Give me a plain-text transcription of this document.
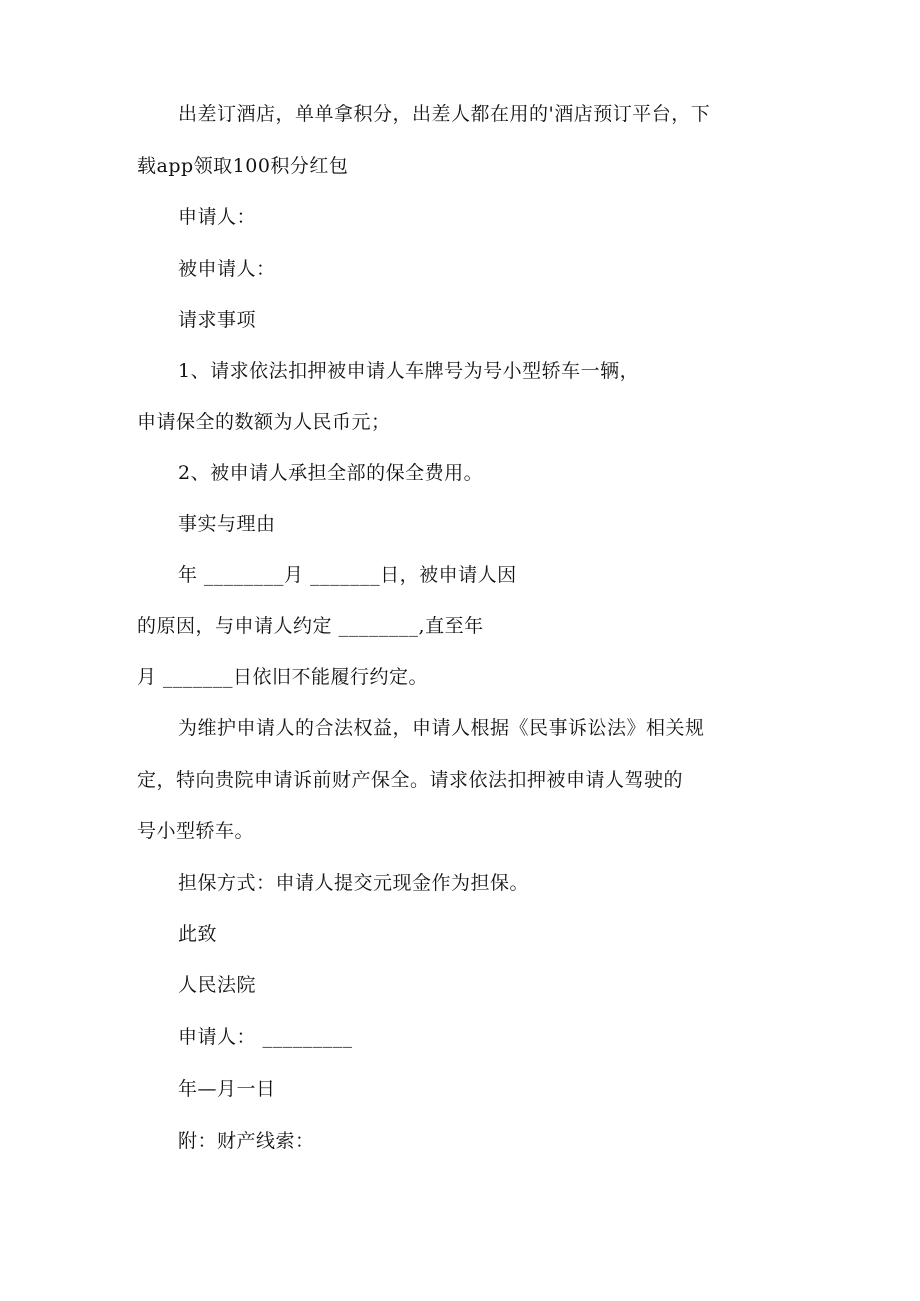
出差订酒店，单单拿积分，出差人都在用的'酒店预订平台，下
载app领取100积分红包
申请人：
被申请人：
请求事项
1、请求依法扣押被申请人车牌号为号小型轿车一辆，
申请保全的数额为人民币元；
2、被申请人承担全部的保全费用。
事实与理由
年 ________月 _______日，被申请人因
的原因，与申请人约定 ________,直至年
月 _______日依旧不能履行约定。
为维护申请人的合法权益，申请人根据《民事诉讼法》相关规
定，特向贵院申请诉前财产保全。请求依法扣押被申请人驾驶的
号小型轿车。
担保方式：申请人提交元现金作为担保。
此致
人民法院
申请人： _________
年—月一日
附：财产线索：
